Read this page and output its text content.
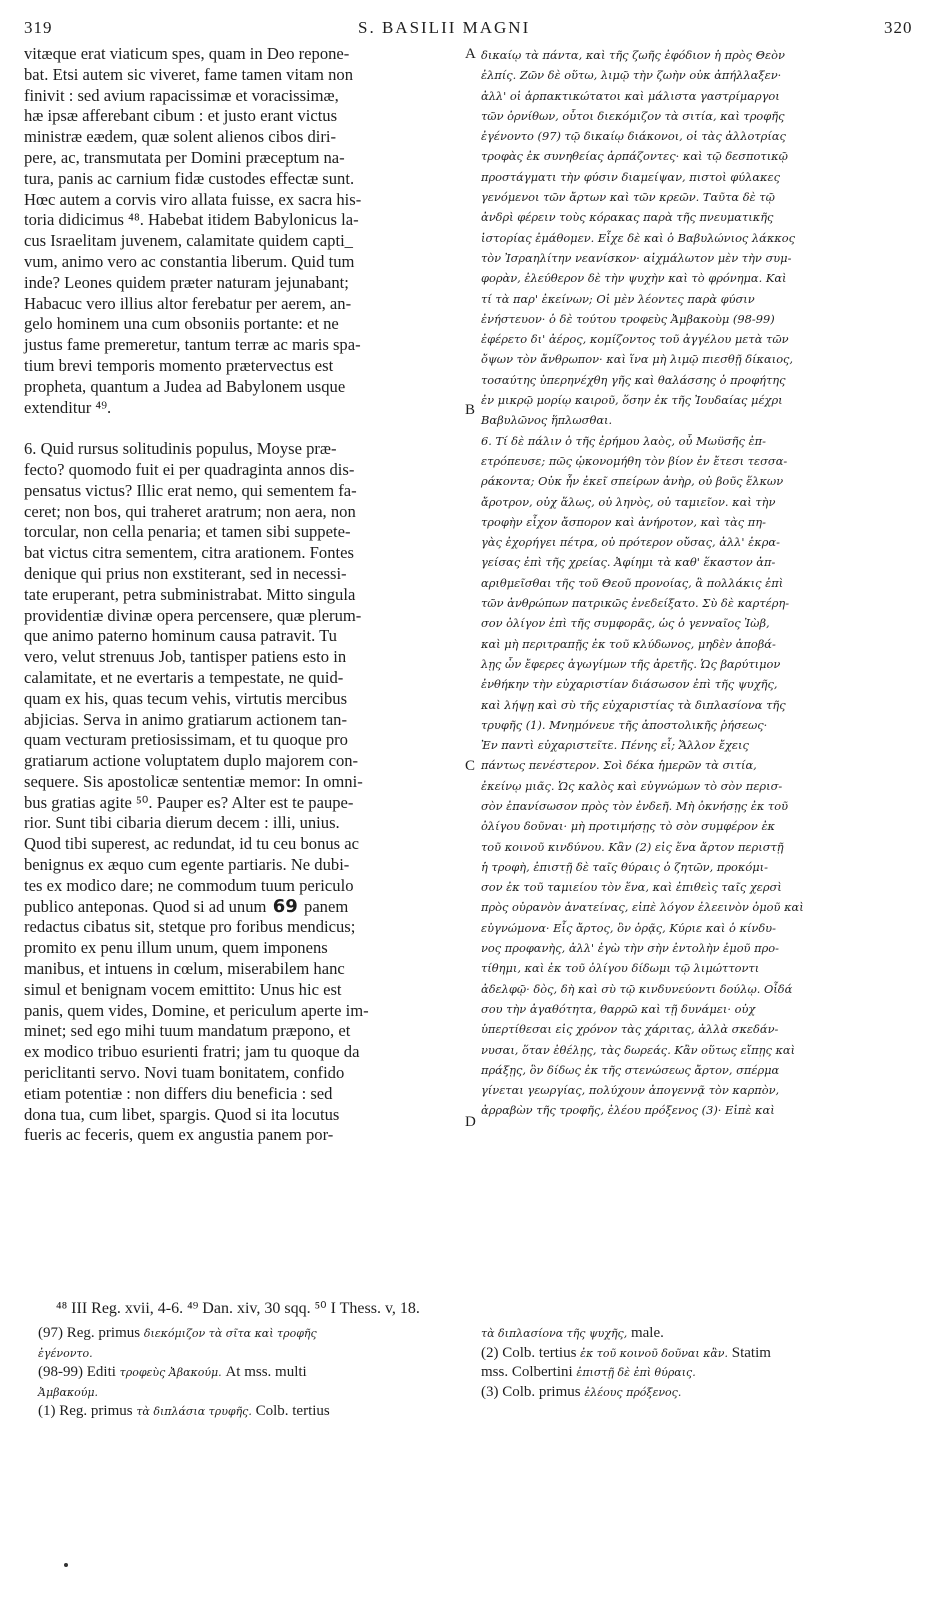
319	S. BASILII MAGNI	320
vitæque erat viaticum spes, quam in Deo repone-
bat. Etsi autem sic viveret, fame tamen vitam non
finivit : sed avium rapacissimæ et voracissimæ,
hæ ipsæ afferebant cibum : et justo erant victus
ministræ eædem, quæ solent alienos cibos diri-
pere, ac, transmutata per Domini præceptum na-
tura, panis ac carnium fidæ custodes effectæ sunt.
Hœc autem a corvis viro allata fuisse, ex sacra his-
toria didicimus ⁴⁸. Habebat itidem Babylonicus la-
cus Israelitam juvenem, calamitate quidem capti_
vum, animo vero ac constantia liberum. Quid tum
inde? Leones quidem præter naturam jejunabant;
Habacuc vero illius altor ferebatur per aerem, an-
gelo hominem una cum obsoniis portante: et ne
justus fame premeretur, tantum terræ ac maris spa-
tium brevi temporis momento prætervectus est
propheta, quantum a Judea ad Babylonem usque
extenditur ⁴⁹.

6. Quid rursus solitudinis populus, Moyse præ-
fecto? quomodo fuit ei per quadraginta annos dis-
pensatus victus? Illic erat nemo, qui sementem fa-
ceret; non bos, qui traheret aratrum; non aera, non
torcular, non cella penaria; et tamen sibi suppete-
bat victus citra sementem, citra arationem. Fontes
denique qui prius non exstiterant, sed in necessi-
tate eruperant, petra subministrabat. Mitto singula
providentiæ divinæ opera percensere, quæ plerum-
que animo paterno hominum causa patravit. Tu
vero, velut strenuus Job, tantisper patiens esto in
calamitate, et ne evertaris a tempestate, ne quid-
quam ex his, quas tecum vehis, virtutis mercibus
abjicias. Serva in animo gratiarum actionem tan-
quam vecturam pretiosissimam, et tu quoque pro
gratiarum actione voluptatem duplo majorem con-
sequere. Sis apostolicæ sententiæ memor: In omni-
bus gratias agite ⁵⁰. Pauper es? Alter est te paupe-
rior. Sunt tibi cibaria dierum decem : illi, unius.
Quod tibi superest, ac redundat, id tu ceu bonus ac
benignus ex æquo cum egente partiaris. Ne dubi-
tes ex modico dare; ne commodum tuum periculo
publico anteponas. Quod si ad unum 69 panem
redactus cibatus sit, stetque pro foribus mendicus;
promito ex penu illum unum, quem imponens
manibus, et intuens in cœlum, miserabilem hanc
simul et benignam vocem emittito: Unus hic est
panis, quem vides, Domine, et periculum aperte im-
minet; sed ego mihi tuum mandatum præpono, et
ex modico tribuo esurienti fratri; jam tu quoque da
periclitanti servo. Novi tuam bonitatem, confido
etiam potentiæ : non differs diu beneficia : sed
dona tua, cum libet, spargis. Quod si ita locutus
fueris ac feceris, quem ex angustia panem por-
δικαίῳ τὰ πάντα, καὶ τῆς ζωῆς ἐφόδιον ἡ πρὸς Θεὸν
ἐλπίς. Ζῶν δὲ οὕτω, λιμῷ τὴν ζωὴν οὐκ ἀπήλλαξεν·
ἀλλ' οἱ ἁρπακτικώτατοι καὶ μάλιστα γαστρίμαργοι
τῶν ὀρνίθων, οὗτοι διεκόμιζον τὰ σιτία, καὶ τροφῆς
ἐγένοντο (97) τῷ δικαίῳ διάκονοι, οἱ τὰς ἀλλοτρίας
τροφὰς ἐκ συνηθείας ἁρπάζοντες· καὶ τῷ δεσποτικῷ
προστάγματι τὴν φύσιν διαμείψαν, πιστοὶ φύλακες
γενόμενοι τῶν ἄρτων καὶ τῶν κρεῶν. Ταῦτα δὲ τῷ
ἀνδρὶ φέρειν τοὺς κόρακας παρὰ τῆς πνευματικῆς
ἱστορίας ἐμάθομεν. Εἶχε δὲ καὶ ὁ Βαβυλώνιος λάκκος
τὸν Ἰσραηλίτην νεανίσκον· αἰχμάλωτον μὲν τὴν συμ-
φορὰν, ἐλεύθερον δὲ τὴν ψυχὴν καὶ τὸ φρόνημα. Καὶ
τί τὰ παρ' ἐκείνων; Οἱ μὲν λέοντες παρὰ φύσιν
ἐνήστευον· ὁ δὲ τούτου τροφεὺς Ἀμβακοὺμ (98-99)
ἐφέρετο δι' ἀέρος, κομίζοντος τοῦ ἀγγέλου μετὰ τῶν
ὄψων τὸν ἄνθρωπον· καὶ ἵνα μὴ λιμῷ πιεσθῇ δίκαιος,
τοσαύτης ὑπερηνέχθη γῆς καὶ θαλάσσης ὁ προφήτης
ἐν μικρῷ μορίῳ καιροῦ, ὅσην ἐκ τῆς Ἰουδαίας μέχρι
Βαβυλῶνος ἥπλωσθαι.
6. Τί δὲ πάλιν ὁ τῆς ἐρήμου λαὸς, οὗ Μωϋσῆς ἐπ-
ετρόπευσε; πῶς ᾠκονομήθη τὸν βίον ἐν ἔτεσι τεσσα-
ράκοντα; Οὐκ ἦν ἐκεῖ σπείρων ἀνὴρ, οὐ βοῦς ἕλκων
ἄροτρον, οὐχ ἅλως, οὐ ληνὸς, οὐ ταμιεῖον. καὶ τὴν
τροφὴν εἶχον ἄσπορον καὶ ἀνήροτον, καὶ τὰς πη-
γὰς ἐχορήγει πέτρα, οὐ πρότερον οὔσας, ἀλλ' ἐκρα-
γείσας ἐπὶ τῆς χρείας. Ἀφίημι τὰ καθ' ἕκαστον ἀπ-
αριθμεῖσθαι τῆς τοῦ Θεοῦ προνοίας, ἃ πολλάκις ἐπὶ
τῶν ἀνθρώπων πατρικῶς ἐνεδείξατο. Σὺ δὲ καρτέρη-
σον ὀλίγον ἐπὶ τῆς συμφορᾶς, ὡς ὁ γενναῖος Ἰὼβ,
καὶ μὴ περιτραπῇς ἐκ τοῦ κλύδωνος, μηδὲν ἀποβά-
λῃς ὧν ἔφερες ἀγωγίμων τῆς ἀρετῆς. Ὡς βαρύτιμον
ἐνθήκην τὴν εὐχαριστίαν διάσωσον ἐπὶ τῆς ψυχῆς,
καὶ λήψῃ καὶ σὺ τῆς εὐχαριστίας τὰ διπλασίονα τῆς
τρυφῆς (1). Μνημόνευε τῆς ἀποστολικῆς ῥήσεως·
Ἐν παντὶ εὐχαριστεῖτε. Πένης εἶ; Ἄλλον ἔχεις
πάντως πενέστερον. Σοὶ δέκα ἡμερῶν τὰ σιτία,
ἐκείνῳ μιᾶς. Ὡς καλὸς καὶ εὐγνώμων τὸ σὸν περισ-
σὸν ἐπανίσωσον πρὸς τὸν ἐνδεῆ. Μὴ ὀκνήσῃς ἐκ τοῦ
ὀλίγου δοῦναι· μὴ προτιμήσῃς τὸ σὸν συμφέρον ἐκ
τοῦ κοινοῦ κινδύνου. Κἂν (2) εἰς ἕνα ἄρτον περιστῇ
ἡ τροφὴ, ἐπιστῇ δὲ ταῖς θύραις ὁ ζητῶν, προκόμι-
σον ἐκ τοῦ ταμιείου τὸν ἕνα, καὶ ἐπιθεὶς ταῖς χερσὶ
πρὸς οὐρανὸν ἀνατείνας, εἰπὲ λόγον ἐλεεινὸν ὁμοῦ καὶ
εὐγνώμονα· Εἷς ἄρτος, ὃν ὁρᾷς, Κύριε καὶ ὁ κίνδυ-
νος προφανὴς, ἀλλ' ἐγὼ τὴν σὴν ἐντολὴν ἐμοῦ προ-
τίθημι, καὶ ἐκ τοῦ ὀλίγου δίδωμι τῷ λιμώττοντι
ἀδελφῷ· δὸς, δὴ καὶ σὺ τῷ κινδυνεύοντι δούλῳ. Οἶδά
σου τὴν ἀγαθότητα, θαρρῶ καὶ τῇ δυνάμει· οὐχ
ὑπερτίθεσαι εἰς χρόνον τὰς χάριτας, ἀλλὰ σκεδάν-
νυσαι, ὅταν ἐθέλῃς, τὰς δωρεάς. Κἂν οὕτως εἴπῃς καὶ
πράξῃς, ὃν δίδως ἐκ τῆς στενώσεως ἄρτον, σπέρμα
γίνεται γεωργίας, πολύχουν ἀπογεννᾷ τὸν καρπὸν,
ἀρραβὼν τῆς τροφῆς, ἐλέου πρόξενος (3)· Εἰπὲ καὶ
A
B
C
D
⁴⁸ III Reg. xvii, 4-6. ⁴⁹ Dan. xiv, 30 sqq. ⁵⁰ I Thess. v, 18.
(97) Reg. primus διεκόμιζον τὰ σῖτα καὶ τροφῆς
ἐγένοντο.
(98-99) Editi τροφεὺς Ἀβακούμ. At mss. multi
Ἀμβακούμ.
(1) Reg. primus τὰ διπλάσια τρυφῆς. Colb. tertius
τὰ διπλασίονα τῆς ψυχῆς, male.
(2) Colb. tertius ἐκ τοῦ κοινοῦ δοῦναι κἂν. Statim
mss. Colbertini ἐπιστῇ δὲ ἐπὶ θύραις.
(3) Colb. primus ἐλέους πρόξενος.
